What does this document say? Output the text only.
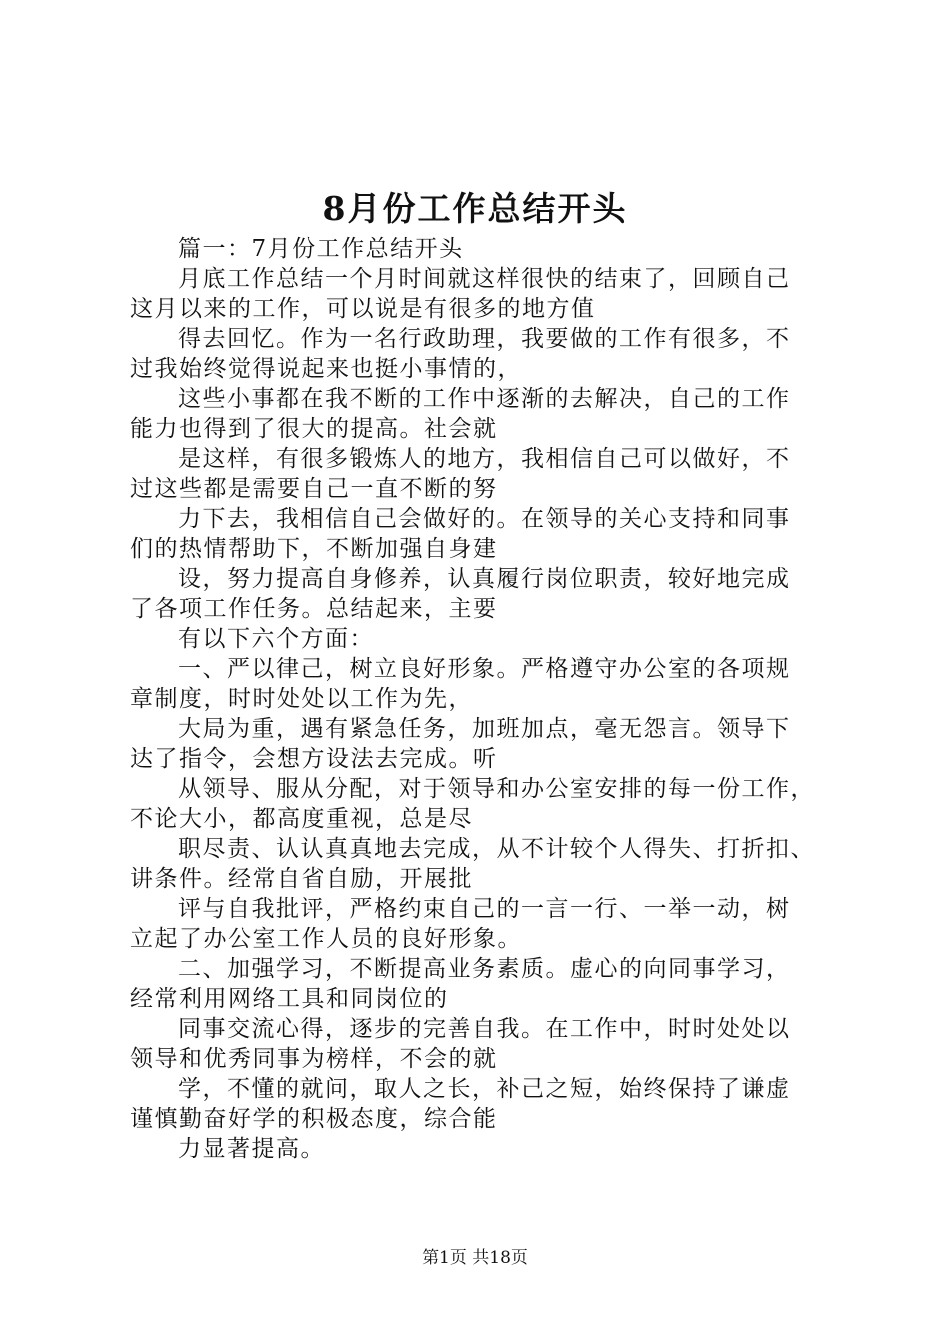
8月份工作总结开头

篇一：7月份工作总结开头

月底工作总结一个月时间就这样很快的结束了，回顾自己
这月以来的工作，可以说是有很多的地方值

得去回忆。作为一名行政助理，我要做的工作有很多，不
过我始终觉得说起来也挺小事情的，

这些小事都在我不断的工作中逐渐的去解决，自己的工作
能力也得到了很大的提高。社会就

是这样，有很多锻炼人的地方，我相信自己可以做好，不
过这些都是需要自己一直不断的努

力下去，我相信自己会做好的。在领导的关心支持和同事
们的热情帮助下，不断加强自身建

设，努力提高自身修养，认真履行岗位职责，较好地完成
了各项工作任务。总结起来，主要

有以下六个方面：

一、严以律己，树立良好形象。严格遵守办公室的各项规
章制度，时时处处以工作为先，

大局为重，遇有紧急任务，加班加点，毫无怨言。领导下
达了指令，会想方设法去完成。听

从领导、服从分配，对于领导和办公室安排的每一份工作，
不论大小，都高度重视，总是尽

职尽责、认认真真地去完成，从不计较个人得失、打折扣、
讲条件。经常自省自励，开展批

评与自我批评，严格约束自己的一言一行、一举一动，树
立起了办公室工作人员的良好形象。

二、加强学习，不断提高业务素质。虚心的向同事学习，
经常利用网络工具和同岗位的

同事交流心得，逐步的完善自我。在工作中，时时处处以
领导和优秀同事为榜样，不会的就

学，不懂的就问，取人之长，补己之短，始终保持了谦虚
谨慎勤奋好学的积极态度，综合能

力显著提高。

第1页 共18页
